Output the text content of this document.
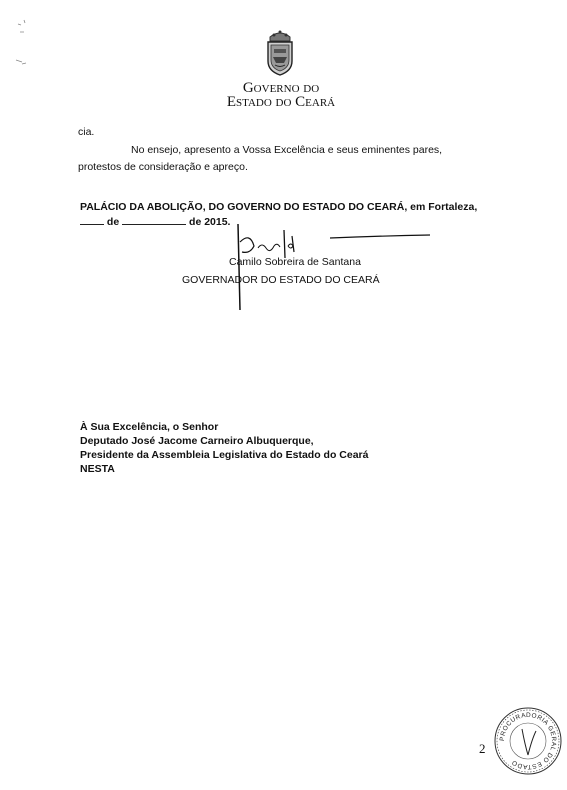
Governo do
Estado do Ceará
cia.
No ensejo, apresento a Vossa Excelência e seus eminentes pares,
protestos de consideração e apreço.
PALÁCIO DA ABOLIÇÃO, DO GOVERNO DO ESTADO DO CEARÁ, em Fortaleza,
de	de 2015.
Camilo Sobreira de Santana
GOVERNADOR DO ESTADO DO CEARÁ
À Sua Excelência, o Senhor
Deputado José Jacome Carneiro Albuquerque,
Presidente da Assembleia Legislativa do Estado do Ceará
NESTA
2
PROCURADORIA GERAL DO ESTADO
